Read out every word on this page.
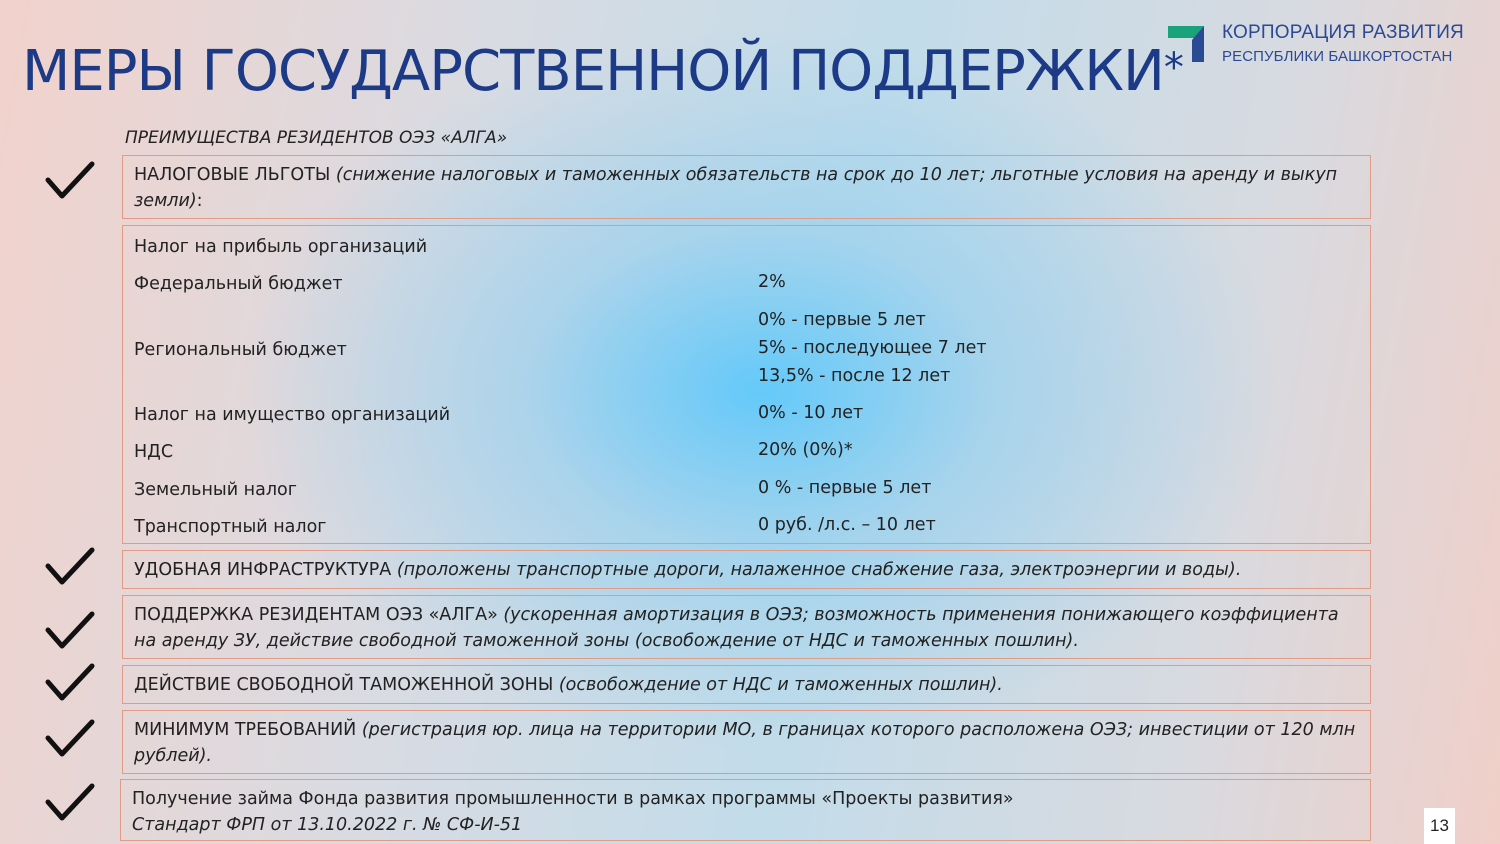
МЕРЫ ГОСУДАРСТВЕННОЙ ПОДДЕРЖКИ*
КОРПОРАЦИЯ РАЗВИТИЯ
РЕСПУБЛИКИ БАШКОРТОСТАН
ПРЕИМУЩЕСТВА РЕЗИДЕНТОВ ОЭЗ «АЛГА»
НАЛОГОВЫЕ ЛЬГОТЫ (снижение налоговых и таможенных обязательств на срок до 10 лет; льготные условия на аренду и выкуп земли):
Налог на прибыль организаций
Федеральный бюджет	2%
Региональный бюджет
0% - первые 5 лет
5% - последующее 7 лет
13,5% - после 12 лет
Налог на имущество организаций	0% - 10 лет
НДС	20% (0%)*
Земельный налог	0 % - первые 5 лет
Транспортный налог	0 руб. /л.с. – 10 лет
УДОБНАЯ ИНФРАСТРУКТУРА (проложены транспортные дороги, налаженное снабжение газа, электроэнергии и воды).
ПОДДЕРЖКА РЕЗИДЕНТАМ ОЭЗ «АЛГА» (ускоренная амортизация в ОЭЗ; возможность применения понижающего коэффициента на аренду ЗУ, действие свободной таможенной зоны (освобождение от НДС и таможенных пошлин).
ДЕЙСТВИЕ СВОБОДНОЙ ТАМОЖЕННОЙ ЗОНЫ (освобождение от НДС и таможенных пошлин).
МИНИМУМ ТРЕБОВАНИЙ (регистрация юр. лица на территории МО, в границах которого расположена ОЭЗ; инвестиции от 120 млн рублей).
Получение займа Фонда развития промышленности в рамках программы «Проекты развития»
Стандарт ФРП от 13.10.2022 г. № СФ-И-51	13
